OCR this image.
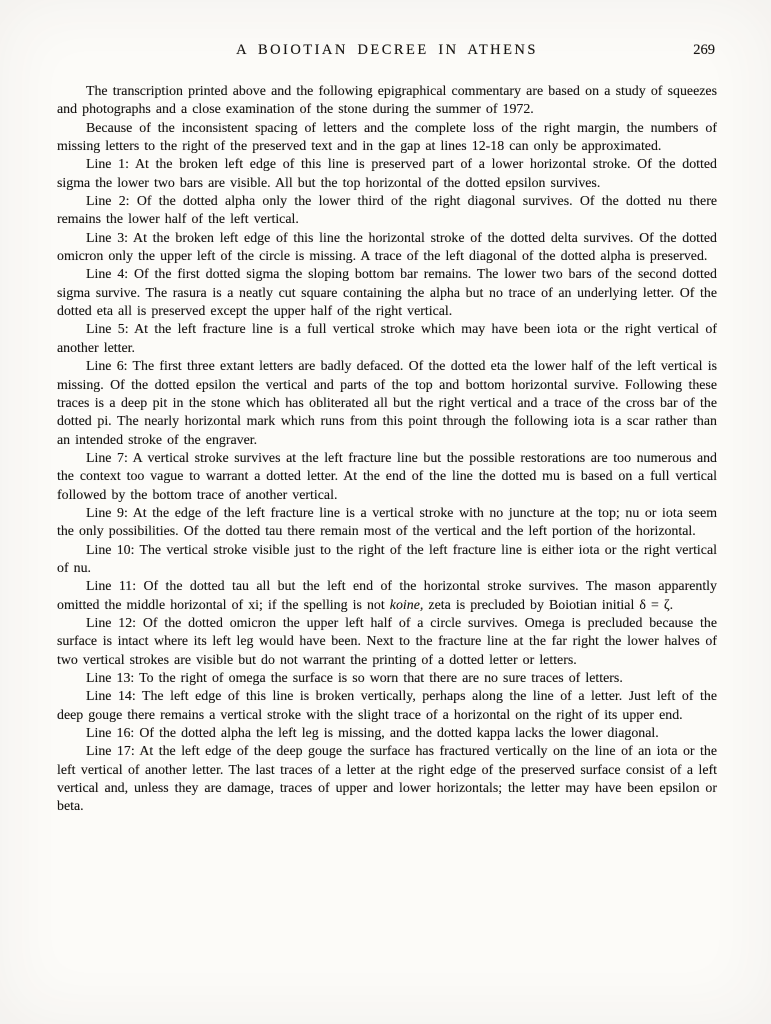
A BOIOTIAN DECREE IN ATHENS	269

The transcription printed above and the following epigraphical commentary are based on a study of squeezes and photographs and a close examination of the stone during the summer of 1972.

Because of the inconsistent spacing of letters and the complete loss of the right margin, the numbers of missing letters to the right of the preserved text and in the gap at lines 12-18 can only be approximated.

Line 1: At the broken left edge of this line is preserved part of a lower horizontal stroke. Of the dotted sigma the lower two bars are visible. All but the top horizontal of the dotted epsilon survives.

Line 2: Of the dotted alpha only the lower third of the right diagonal survives. Of the dotted nu there remains the lower half of the left vertical.

Line 3: At the broken left edge of this line the horizontal stroke of the dotted delta survives. Of the dotted omicron only the upper left of the circle is missing. A trace of the left diagonal of the dotted alpha is preserved.

Line 4: Of the first dotted sigma the sloping bottom bar remains. The lower two bars of the second dotted sigma survive. The rasura is a neatly cut square containing the alpha but no trace of an underlying letter. Of the dotted eta all is preserved except the upper half of the right vertical.

Line 5: At the left fracture line is a full vertical stroke which may have been iota or the right vertical of another letter.

Line 6: The first three extant letters are badly defaced. Of the dotted eta the lower half of the left vertical is missing. Of the dotted epsilon the vertical and parts of the top and bottom horizontal survive. Following these traces is a deep pit in the stone which has obliterated all but the right vertical and a trace of the cross bar of the dotted pi. The nearly horizontal mark which runs from this point through the following iota is a scar rather than an intended stroke of the engraver.

Line 7: A vertical stroke survives at the left fracture line but the possible restorations are too numerous and the context too vague to warrant a dotted letter. At the end of the line the dotted mu is based on a full vertical followed by the bottom trace of another vertical.

Line 9: At the edge of the left fracture line is a vertical stroke with no juncture at the top; nu or iota seem the only possibilities. Of the dotted tau there remain most of the vertical and the left portion of the horizontal.

Line 10: The vertical stroke visible just to the right of the left fracture line is either iota or the right vertical of nu.

Line 11: Of the dotted tau all but the left end of the horizontal stroke survives. The mason apparently omitted the middle horizontal of xi; if the spelling is not koine, zeta is precluded by Boiotian initial δ = ζ.

Line 12: Of the dotted omicron the upper left half of a circle survives. Omega is precluded because the surface is intact where its left leg would have been. Next to the fracture line at the far right the lower halves of two vertical strokes are visible but do not warrant the printing of a dotted letter or letters.

Line 13: To the right of omega the surface is so worn that there are no sure traces of letters.

Line 14: The left edge of this line is broken vertically, perhaps along the line of a letter. Just left of the deep gouge there remains a vertical stroke with the slight trace of a horizontal on the right of its upper end.

Line 16: Of the dotted alpha the left leg is missing, and the dotted kappa lacks the lower diagonal.

Line 17: At the left edge of the deep gouge the surface has fractured vertically on the line of an iota or the left vertical of another letter. The last traces of a letter at the right edge of the preserved surface consist of a left vertical and, unless they are damage, traces of upper and lower horizontals; the letter may have been epsilon or beta.
